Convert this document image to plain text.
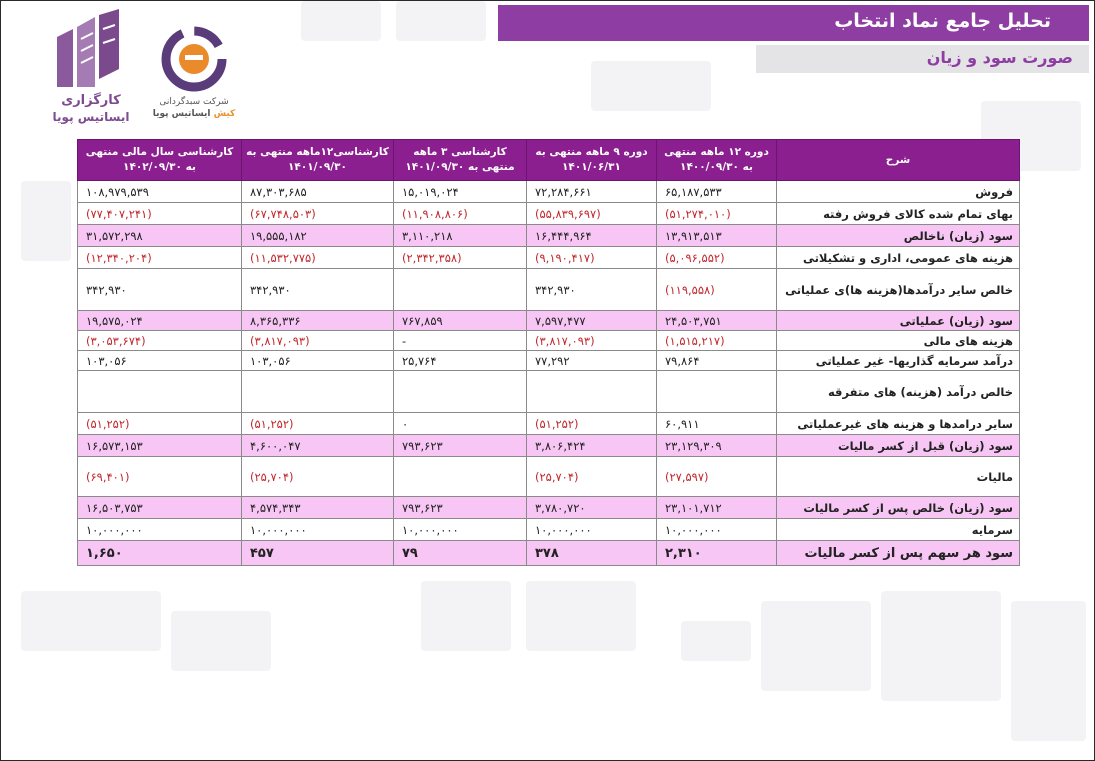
تحلیل جامع نماد انتخاب
صورت سود و زیان
کارگزاری
ایساتیس پویا
شرکت سبدگردانی
کیش ایساتیس پویا
شرح	دوره ۱۲ ماهه منتهی به ۱۴۰۰/۰۹/۳۰	دوره ۹ ماهه منتهی به ۱۴۰۱/۰۶/۳۱	کارشناسی ۳ ماهه منتهی به ۱۴۰۱/۰۹/۳۰	کارشناسی۱۲ماهه منتهی به ۱۴۰۱/۰۹/۳۰	کارشناسی سال مالی منتهی به ۱۴۰۲/۰۹/۳۰
فروش	۶۵,۱۸۷,۵۳۳	۷۲,۲۸۴,۶۶۱	۱۵,۰۱۹,۰۲۴	۸۷,۳۰۳,۶۸۵	۱۰۸,۹۷۹,۵۳۹
بهای تمام شده کالای فروش رفته	(۵۱,۲۷۴,۰۱۰)	(۵۵,۸۳۹,۶۹۷)	(۱۱,۹۰۸,۸۰۶)	(۶۷,۷۴۸,۵۰۳)	(۷۷,۴۰۷,۲۴۱)
سود (زیان) ناخالص	۱۳,۹۱۳,۵۱۳	۱۶,۴۴۴,۹۶۴	۳,۱۱۰,۲۱۸	۱۹,۵۵۵,۱۸۲	۳۱,۵۷۲,۲۹۸
هزینه های عمومی، اداری و تشکیلاتی	(۵,۰۹۶,۵۵۲)	(۹,۱۹۰,۴۱۷)	(۲,۳۴۲,۳۵۸)	(۱۱,۵۳۲,۷۷۵)	(۱۲,۳۴۰,۲۰۴)
خالص سایر درآمدها(هزینه ها)ی عملیاتی	(۱۱۹,۵۵۸)	۳۴۲,۹۳۰		۳۴۲,۹۳۰	۳۴۲,۹۳۰
سود (زیان) عملیاتی	۲۴,۵۰۳,۷۵۱	۷,۵۹۷,۴۷۷	۷۶۷,۸۵۹	۸,۳۶۵,۳۳۶	۱۹,۵۷۵,۰۲۴
هزینه های مالی	(۱,۵۱۵,۲۱۷)	(۳,۸۱۷,۰۹۳)	-	(۳,۸۱۷,۰۹۳)	(۳,۰۵۳,۶۷۴)
درآمد سرمایه گذاریها- غیر عملیاتی	۷۹,۸۶۴	۷۷,۲۹۲	۲۵,۷۶۴	۱۰۳,۰۵۶	۱۰۳,۰۵۶
خالص درآمد (هزینه) های متفرقه					
سایر درامدها و هزینه های غیرعملیاتی	۶۰,۹۱۱	(۵۱,۲۵۲)	۰	(۵۱,۲۵۲)	(۵۱,۲۵۲)
سود (زیان) قبل از کسر مالیات	۲۳,۱۲۹,۳۰۹	۳,۸۰۶,۴۲۴	۷۹۳,۶۲۳	۴,۶۰۰,۰۴۷	۱۶,۵۷۳,۱۵۳
مالیات	(۲۷,۵۹۷)	(۲۵,۷۰۴)		(۲۵,۷۰۴)	(۶۹,۴۰۱)
سود (زیان) خالص پس از کسر مالیات	۲۳,۱۰۱,۷۱۲	۳,۷۸۰,۷۲۰	۷۹۳,۶۲۳	۴,۵۷۴,۳۴۳	۱۶,۵۰۳,۷۵۳
سرمایه	۱۰,۰۰۰,۰۰۰	۱۰,۰۰۰,۰۰۰	۱۰,۰۰۰,۰۰۰	۱۰,۰۰۰,۰۰۰	۱۰,۰۰۰,۰۰۰
سود هر سهم پس از کسر مالیات	۲,۳۱۰	۳۷۸	۷۹	۴۵۷	۱,۶۵۰
